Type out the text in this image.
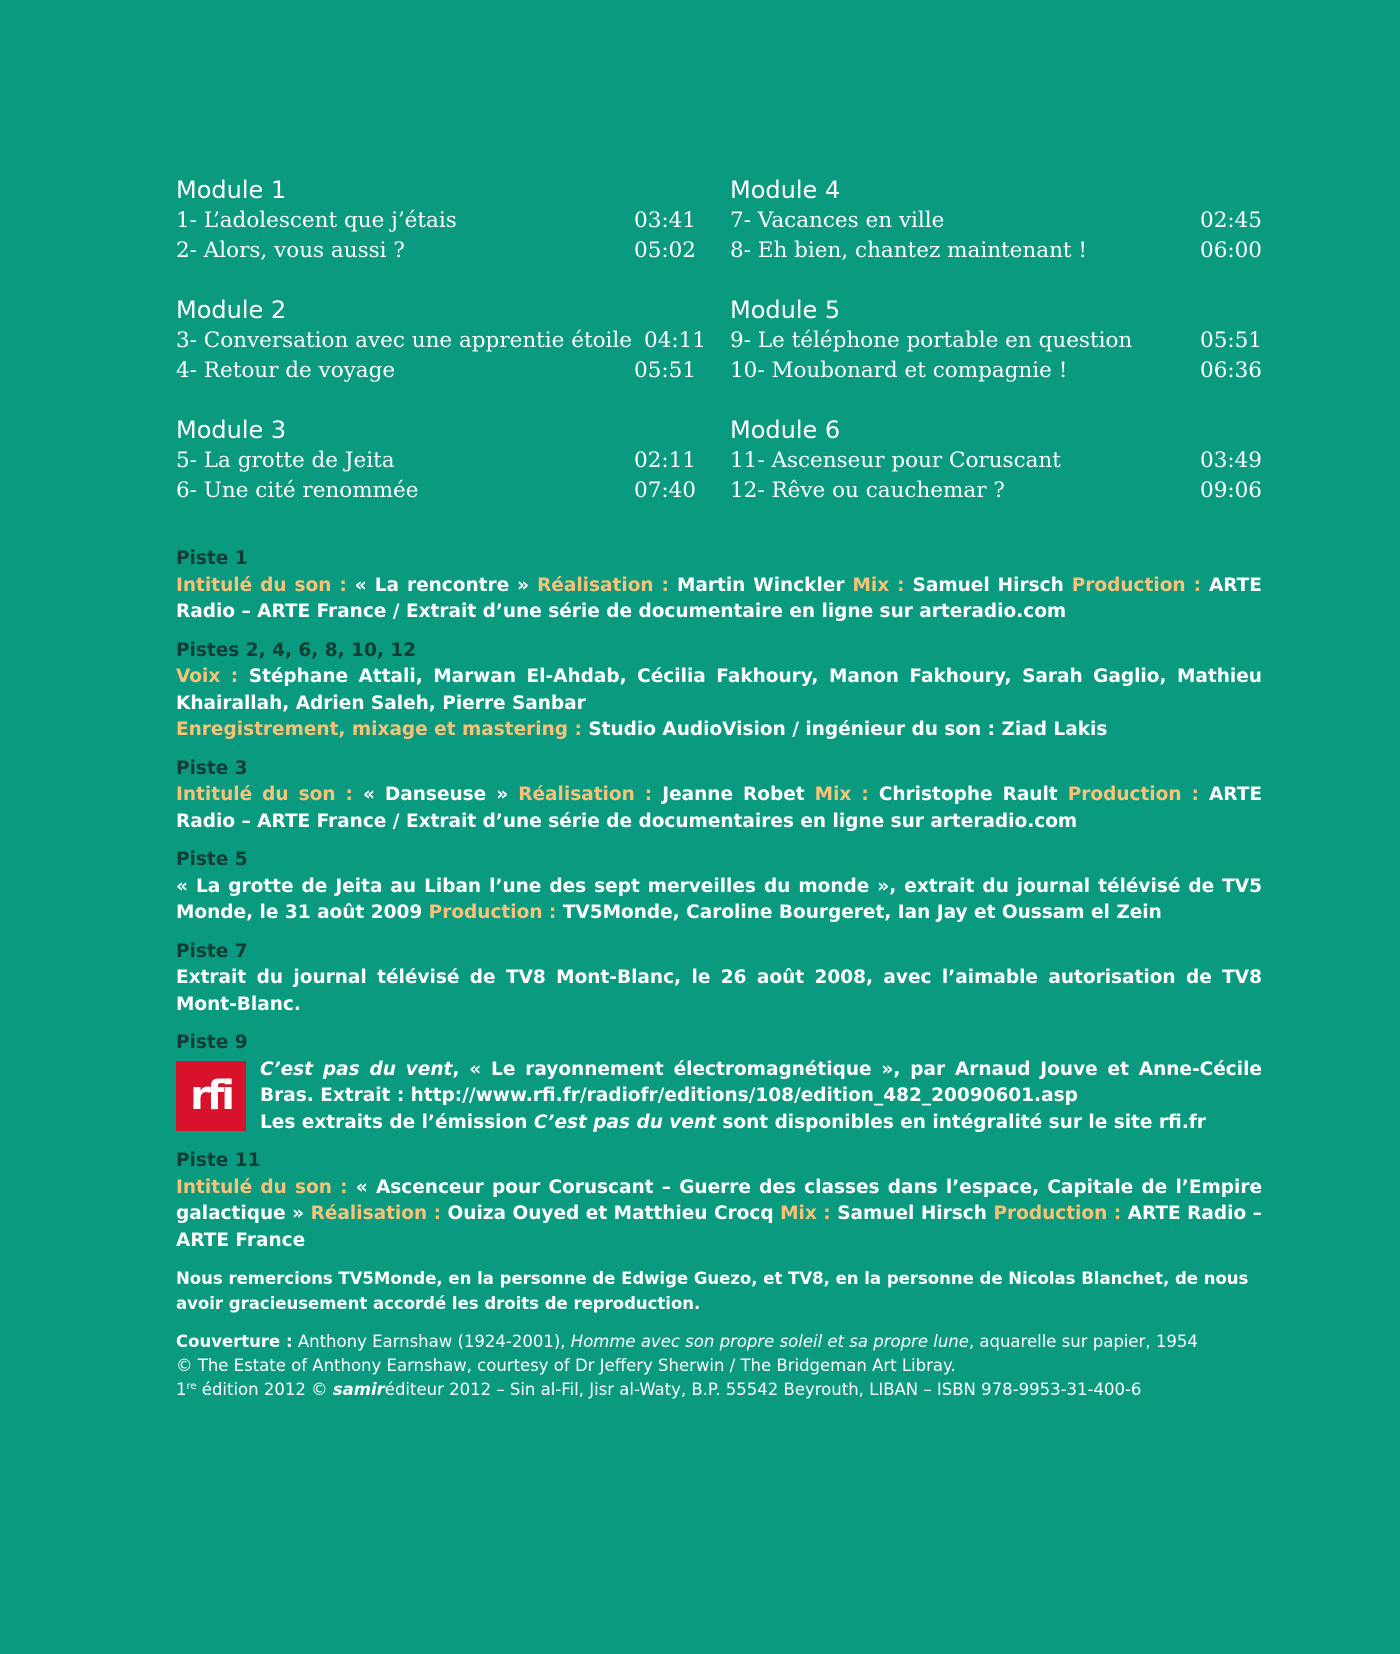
Module 1
1- L’adolescent que j’étais	03:41
2- Alors, vous aussi ?	05:02
Module 2
3- Conversation avec une apprentie étoile 04:11
4- Retour de voyage	05:51
Module 3
5- La grotte de Jeita	02:11
6- Une cité renommée	07:40
Module 4
7- Vacances en ville	02:45
8- Eh bien, chantez maintenant !	06:00
Module 5
9- Le téléphone portable en question	05:51
10- Moubonard et compagnie !	06:36
Module 6
11- Ascenseur pour Coruscant	03:49
12- Rêve ou cauchemar ?	09:06
Piste 1
Intitulé du son : « La rencontre » Réalisation : Martin Winckler Mix : Samuel Hirsch Production : ARTE Radio – ARTE France / Extrait d’une série de documentaire en ligne sur arteradio.com
Pistes 2, 4, 6, 8, 10, 12
Voix : Stéphane Attali, Marwan El-Ahdab, Cécilia Fakhoury, Manon Fakhoury, Sarah Gaglio, Mathieu Khairallah, Adrien Saleh, Pierre Sanbar
Enregistrement, mixage et mastering : Studio AudioVision / ingénieur du son : Ziad Lakis
Piste 3
Intitulé du son : « Danseuse » Réalisation : Jeanne Robet Mix : Christophe Rault Production : ARTE Radio – ARTE France / Extrait d’une série de documentaires en ligne sur arteradio.com
Piste 5
« La grotte de Jeita au Liban l’une des sept merveilles du monde », extrait du journal télévisé de TV5 Monde, le 31 août 2009 Production : TV5Monde, Caroline Bourgeret, Ian Jay et Oussam el Zein
Piste 7
Extrait du journal télévisé de TV8 Mont-Blanc, le 26 août 2008, avec l’aimable autorisation de TV8 Mont-Blanc.
Piste 9
rfi
C’est pas du vent, « Le rayonnement électromagnétique », par Arnaud Jouve et Anne-Cécile Bras. Extrait : http://www.rfi.fr/radiofr/editions/108/edition_482_20090601.asp
Les extraits de l’émission C’est pas du vent sont disponibles en intégralité sur le site rfi.fr
Piste 11
Intitulé du son : « Ascenceur pour Coruscant – Guerre des classes dans l’espace, Capitale de l’Empire galactique » Réalisation : Ouiza Ouyed et Matthieu Crocq Mix : Samuel Hirsch Production : ARTE Radio – ARTE France
Nous remercions TV5Monde, en la personne de Edwige Guezo, et TV8, en la personne de Nicolas Blanchet, de nous avoir gracieusement accordé les droits de reproduction.
Couverture : Anthony Earnshaw (1924-2001), Homme avec son propre soleil et sa propre lune, aquarelle sur papier, 1954
© The Estate of Anthony Earnshaw, courtesy of Dr Jeffery Sherwin / The Bridgeman Art Libray.
1re édition 2012 © samiréditeur 2012 – Sin al-Fil, Jisr al-Waty, B.P. 55542 Beyrouth, LIBAN – ISBN 978-9953-31-400-6
